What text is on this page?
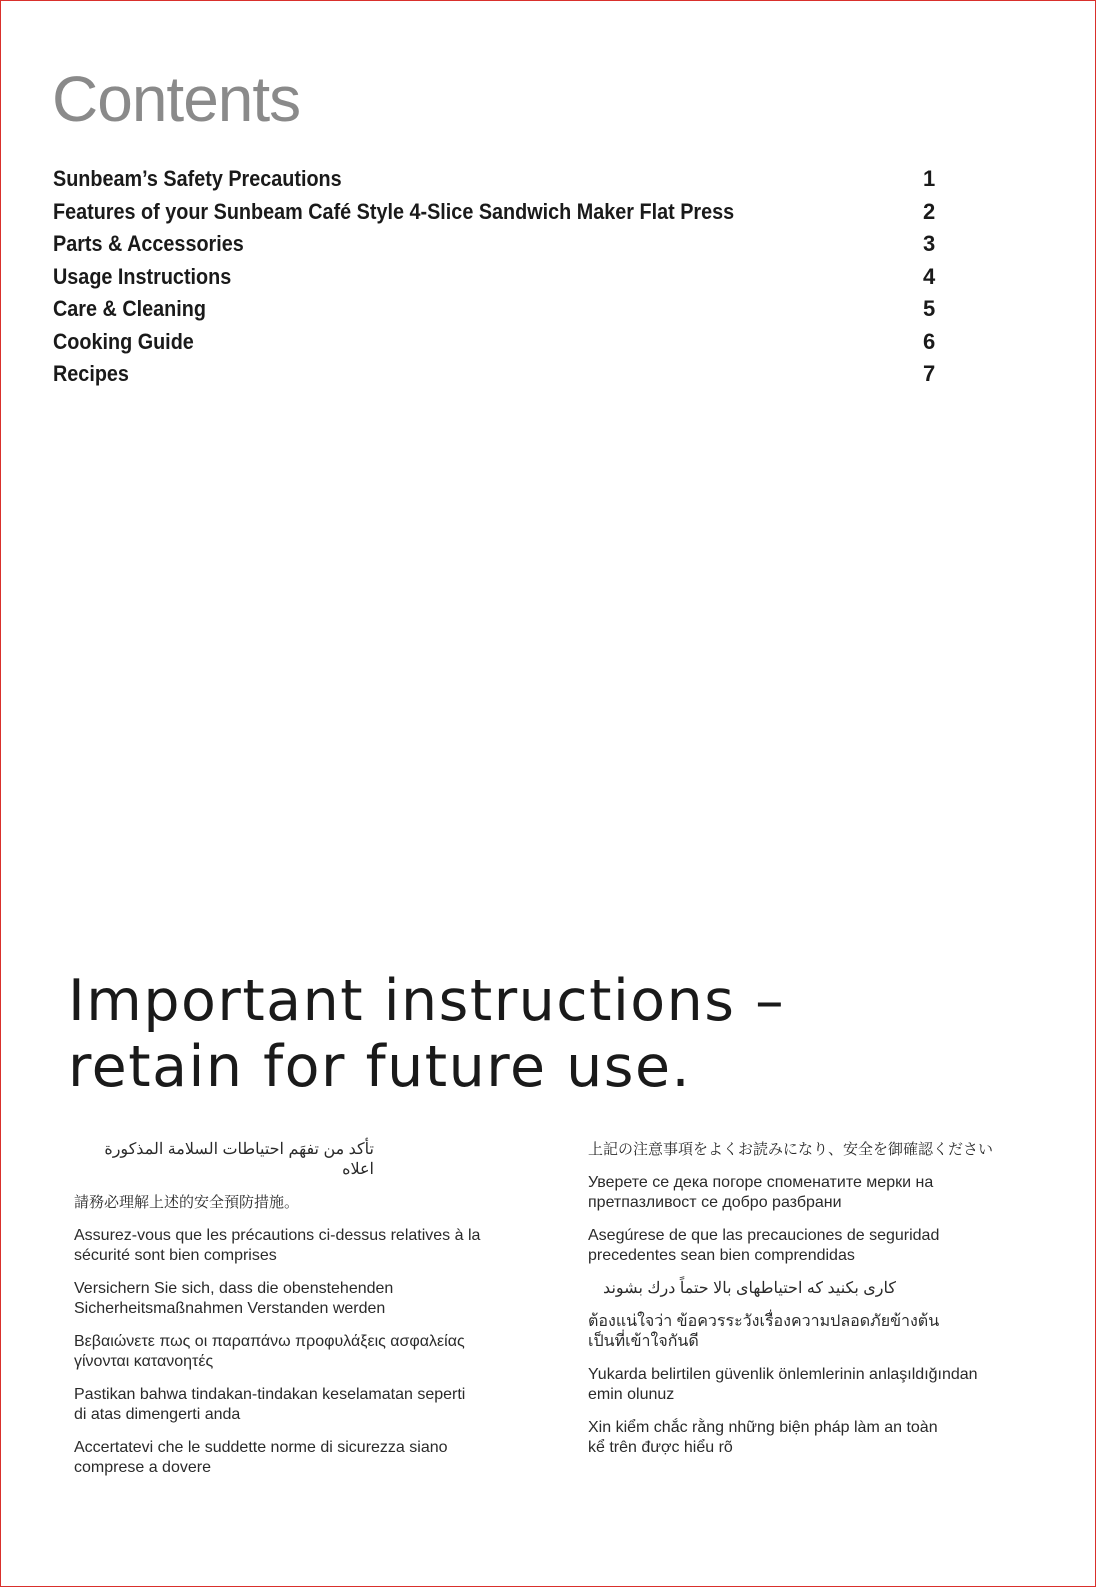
Contents
Sunbeam’s Safety Precautions	1
Features of your Sunbeam Café Style 4-Slice Sandwich Maker Flat Press	2
Parts & Accessories	3
Usage Instructions	4
Care & Cleaning	5
Cooking Guide	6
Recipes	7
Important instructions –
retain for future use.

تأكد من تفهَم احتياطات السلامة المذكورة اعلاه

請務必理解上述的安全預防措施。

Assurez-vous que les précautions ci-dessus relatives à la
sécurité sont bien comprises

Versichern Sie sich, dass die obenstehenden
Sicherheitsmaßnahmen Verstanden werden

Βεβαιώνετε πως οι παραπάνω προφυλάξεις ασφαλείας
γίνονται κατανοητές

Pastikan bahwa tindakan-tindakan keselamatan seperti
di atas dimengerti anda

Accertatevi che le suddette norme di sicurezza siano
comprese a dovere

上記の注意事項をよくお読みになり、安全を御確認ください

Уверете се дека погоре споменатите мерки на
претпазливост се добро разбрани

Asegúrese de que las precauciones de seguridad
precedentes sean bien comprendidas

کاری بکنید که احتیاطهای بالا حتماً درك بشوند

ต้องแน่ใจว่า ข้อควรระวังเรื่องความปลอดภัยข้างต้น
เป็นที่เข้าใจกันดี

Yukarda belirtilen güvenlik önlemlerinin anlaşıldığından
emin olunuz

Xin kiểm chắc rằng những biện pháp làm an toàn
kể trên được hiểu rõ
